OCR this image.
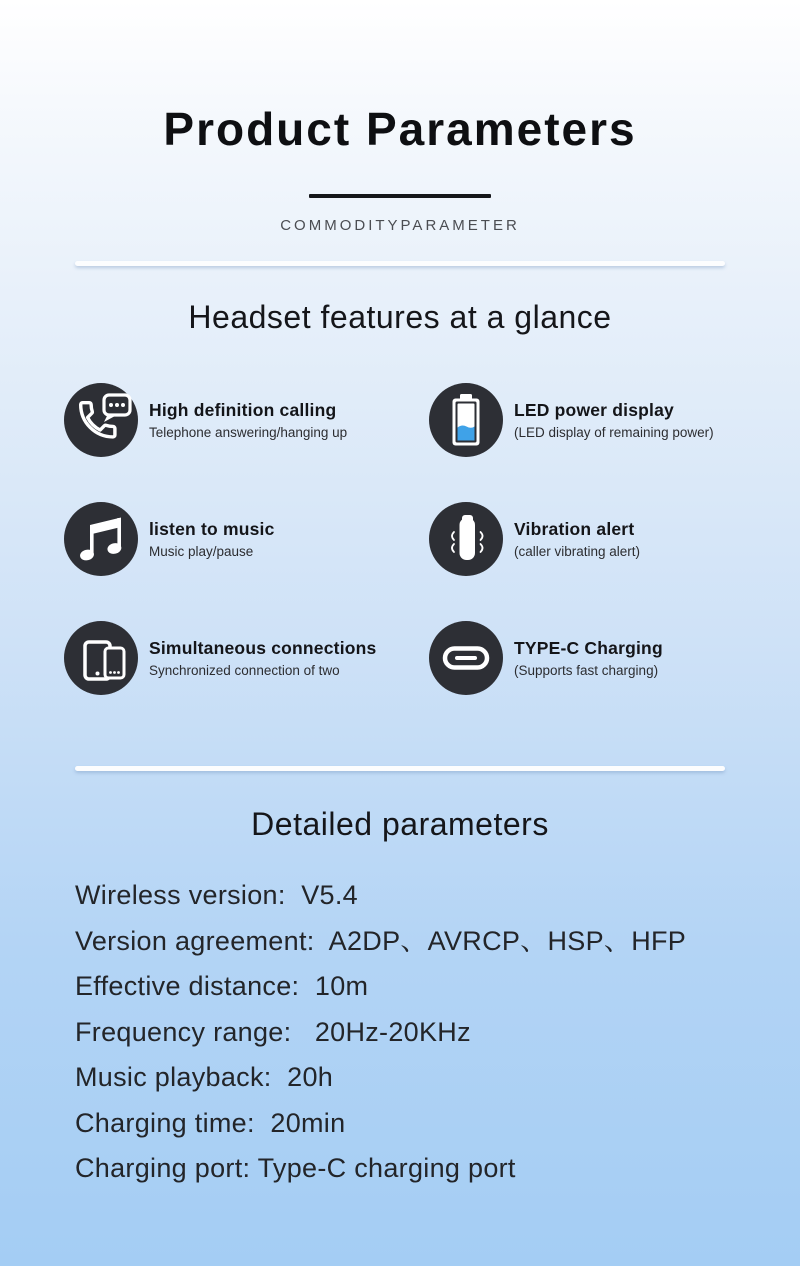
Product Parameters
COMMODITYPARAMETER
Headset features at a glance
High definition calling
Telephone answering/hanging up
LED power display
(LED display of remaining power)
listen to music
Music play/pause
Vibration alert
(caller vibrating alert)
Simultaneous connections
Synchronized connection of two
TYPE-C Charging
(Supports fast charging)
Detailed parameters
Wireless version:  V5.4
Version agreement:  A2DP、AVRCP、HSP、HFP
Effective distance:  10m
Frequency range:   20Hz-20KHz
Music playback:  20h
Charging time:  20min
Charging port: Type-C charging port
